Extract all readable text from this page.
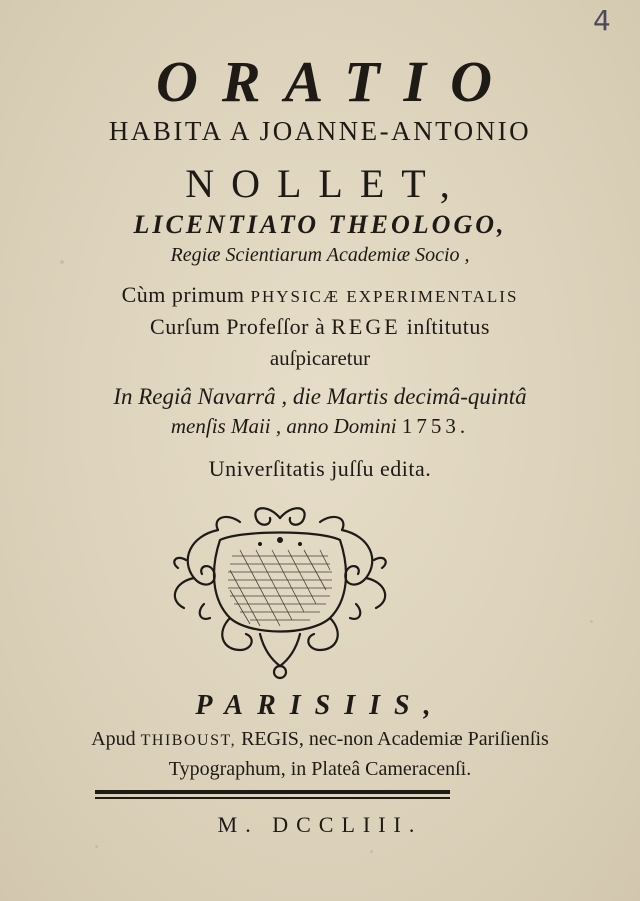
4
ORATIO
HABITA A JOANNE-ANTONIO
NOLLET,
LICENTIATO THEOLOGO,
Regiæ Scientiarum Academiæ Socio ,
Cùm primum PHYSICÆ EXPERIMENTALIS
Curſum Profeſſor à REGE inſtitutus
auſpicaretur
In Regiâ Navarrâ , die Martis decimâ-quintâ
menſis Maii , anno Domini 1753.
Univerſitatis juſſu edita.
PARISIIS,
Apud THIBOUST, REGIS, nec-non Academiæ Pariſienſis
Typographum, in Plateâ Cameracenſi.
M. DCCLIII.
